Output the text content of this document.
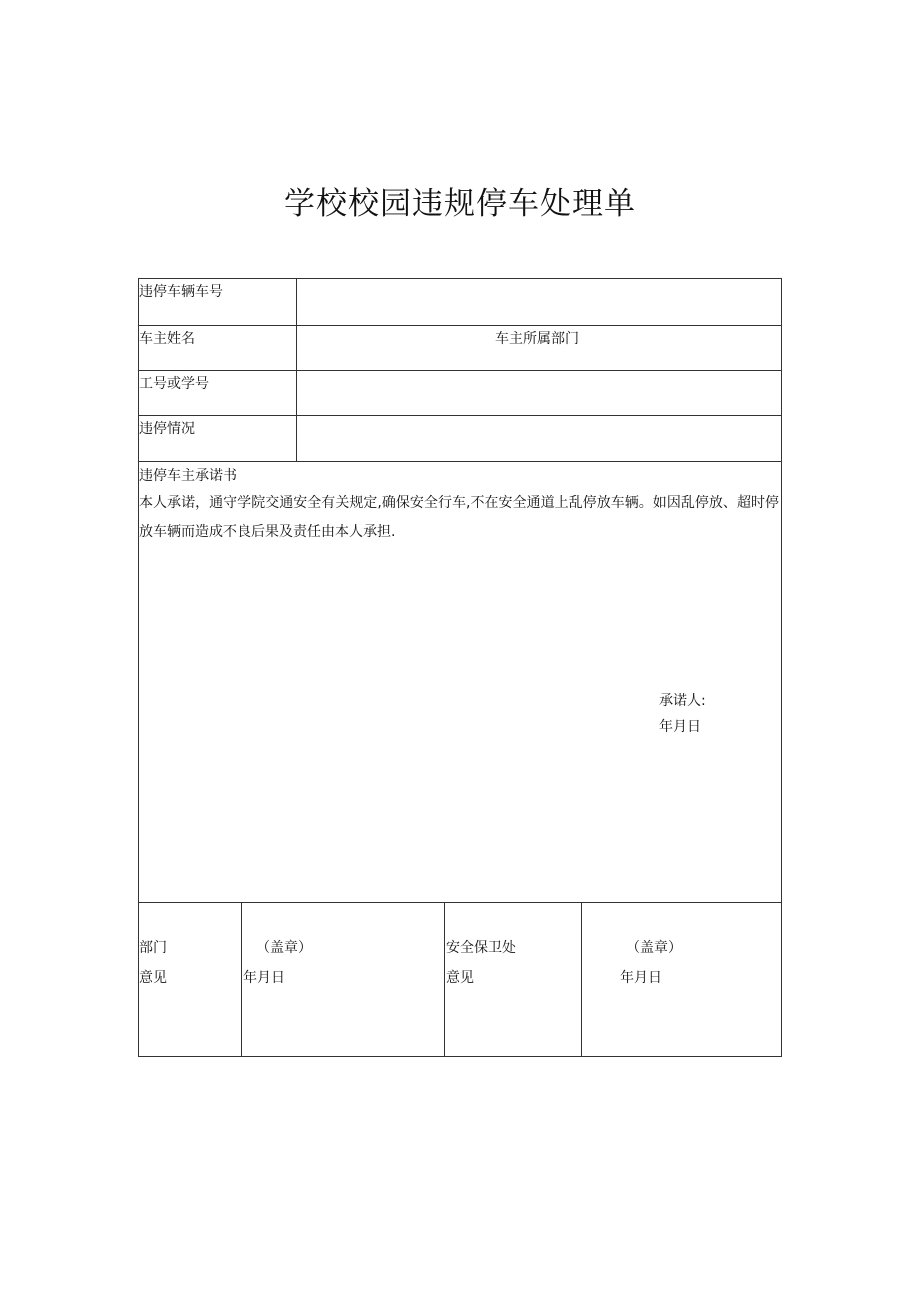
学校校园违规停车处理单
违停车辆车号
车主姓名	车主所属部门
工号或学号
违停情况
违停车主承诺书
本人承诺，通守学院交通安全有关规定,确保安全行车,不在安全通道上乱停放车辆。如因乱停放、超时停放车辆而造成不良后果及责任由本人承担.
承诺人:
年月日
部门
意见
（盖章）
年月日
安全保卫处
意见
（盖章）
年月日
